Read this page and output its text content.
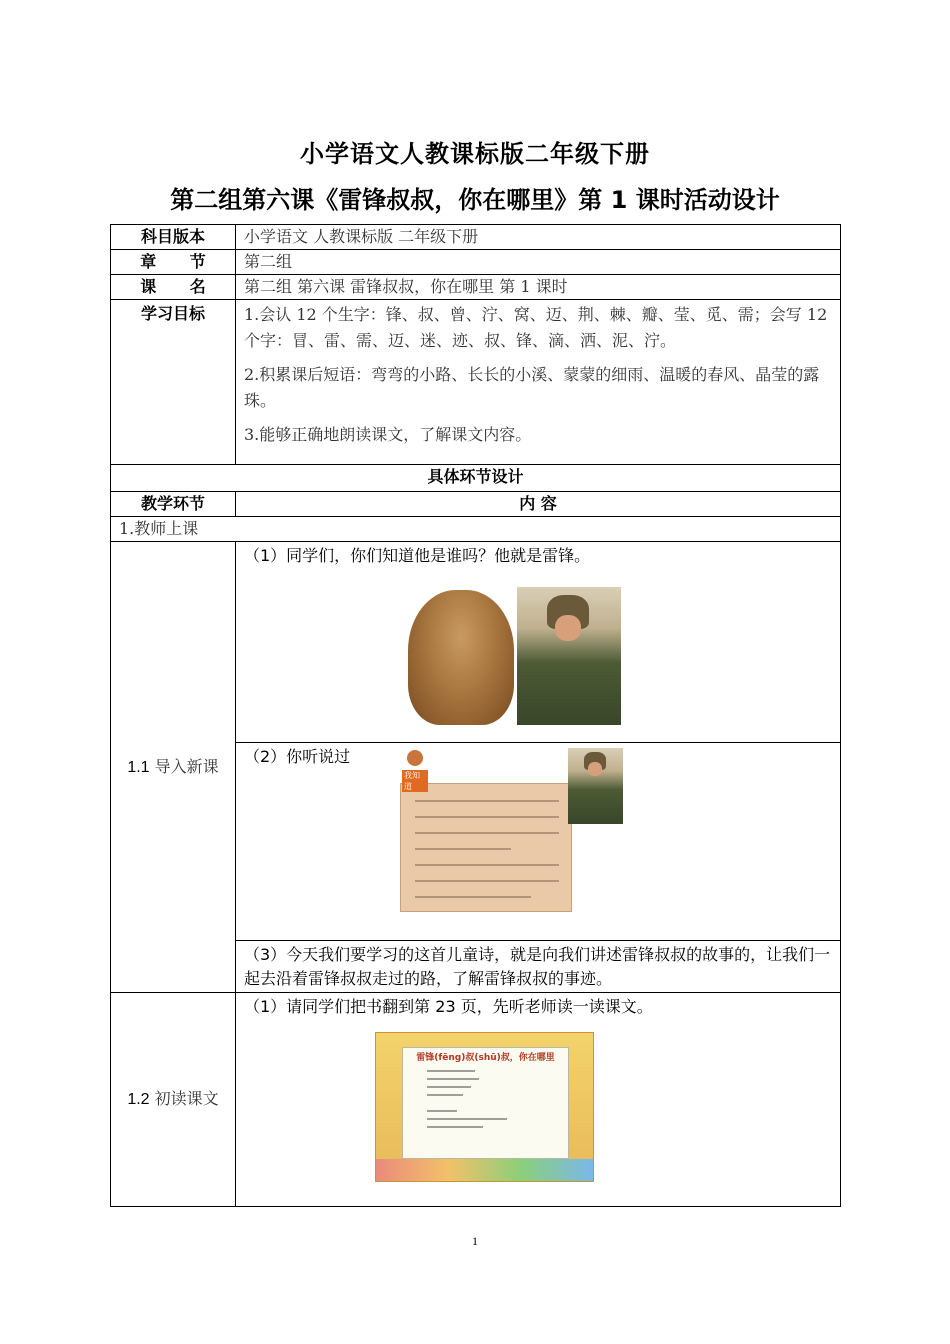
小学语文人教课标版二年级下册
第二组第六课《雷锋叔叔，你在哪里》第 1 课时活动设计
科目版本	小学语文 人教课标版 二年级下册
章 节	第二组
课 名	第二组 第六课 雷锋叔叔，你在哪里 第 1 课时
学习目标	1.会认 12 个生字：锋、叔、曾、泞、窝、迈、荆、棘、瓣、莹、觅、需；会写 12 个字：冒、雷、需、迈、迷、迹、叔、锋、滴、洒、泥、泞。

2.积累课后短语：弯弯的小路、长长的小溪、蒙蒙的细雨、温暖的春风、晶莹的露珠。

3.能够正确地朗读课文，了解课文内容。

具体环节设计	
教学环节	内 容
1.教师上课	
1.1 导入新课	（1）同学们，你们知道他是谁吗？他就是雷锋。

	（2）你听说过

	（3）今天我们要学习的这首儿童诗，就是向我们讲述雷锋叔叔的故事的，让我们一起去沿着雷锋叔叔走过的路，了解雷锋叔叔的事迹。

1.2 初读课文	（1）请同学们把书翻到第 23 页，先听老师读一读课文。
我知道
雷锋(fēng)叔(shū)叔，你在哪里
1
